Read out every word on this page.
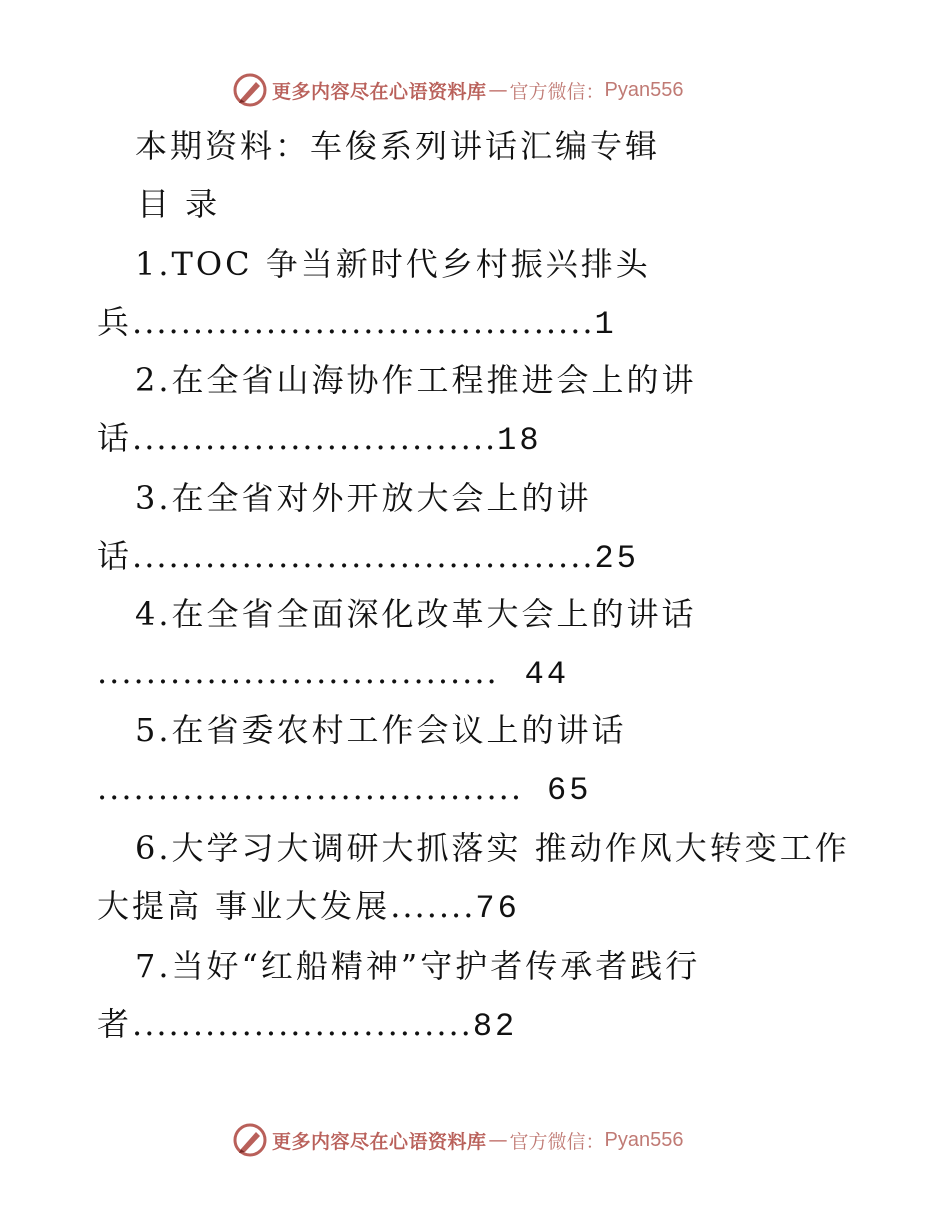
更多内容尽在心语资料库 — 官方微信： Pyan556
本期资料：车俊系列讲话汇编专辑
目 录
1.TOC 争当新时代乡村振兴排头
兵......................................1
2.在全省山海协作工程推进会上的讲
话..............................18
3.在全省对外开放大会上的讲
话......................................25
4.在全省全面深化改革大会上的讲话
................................. 44
5.在省委农村工作会议上的讲话
................................... 65
6.大学习大调研大抓落实 推动作风大转变工作
大提高 事业大发展.......76
7.当好“红船精神”守护者传承者践行
者............................82
更多内容尽在心语资料库 — 官方微信： Pyan556
